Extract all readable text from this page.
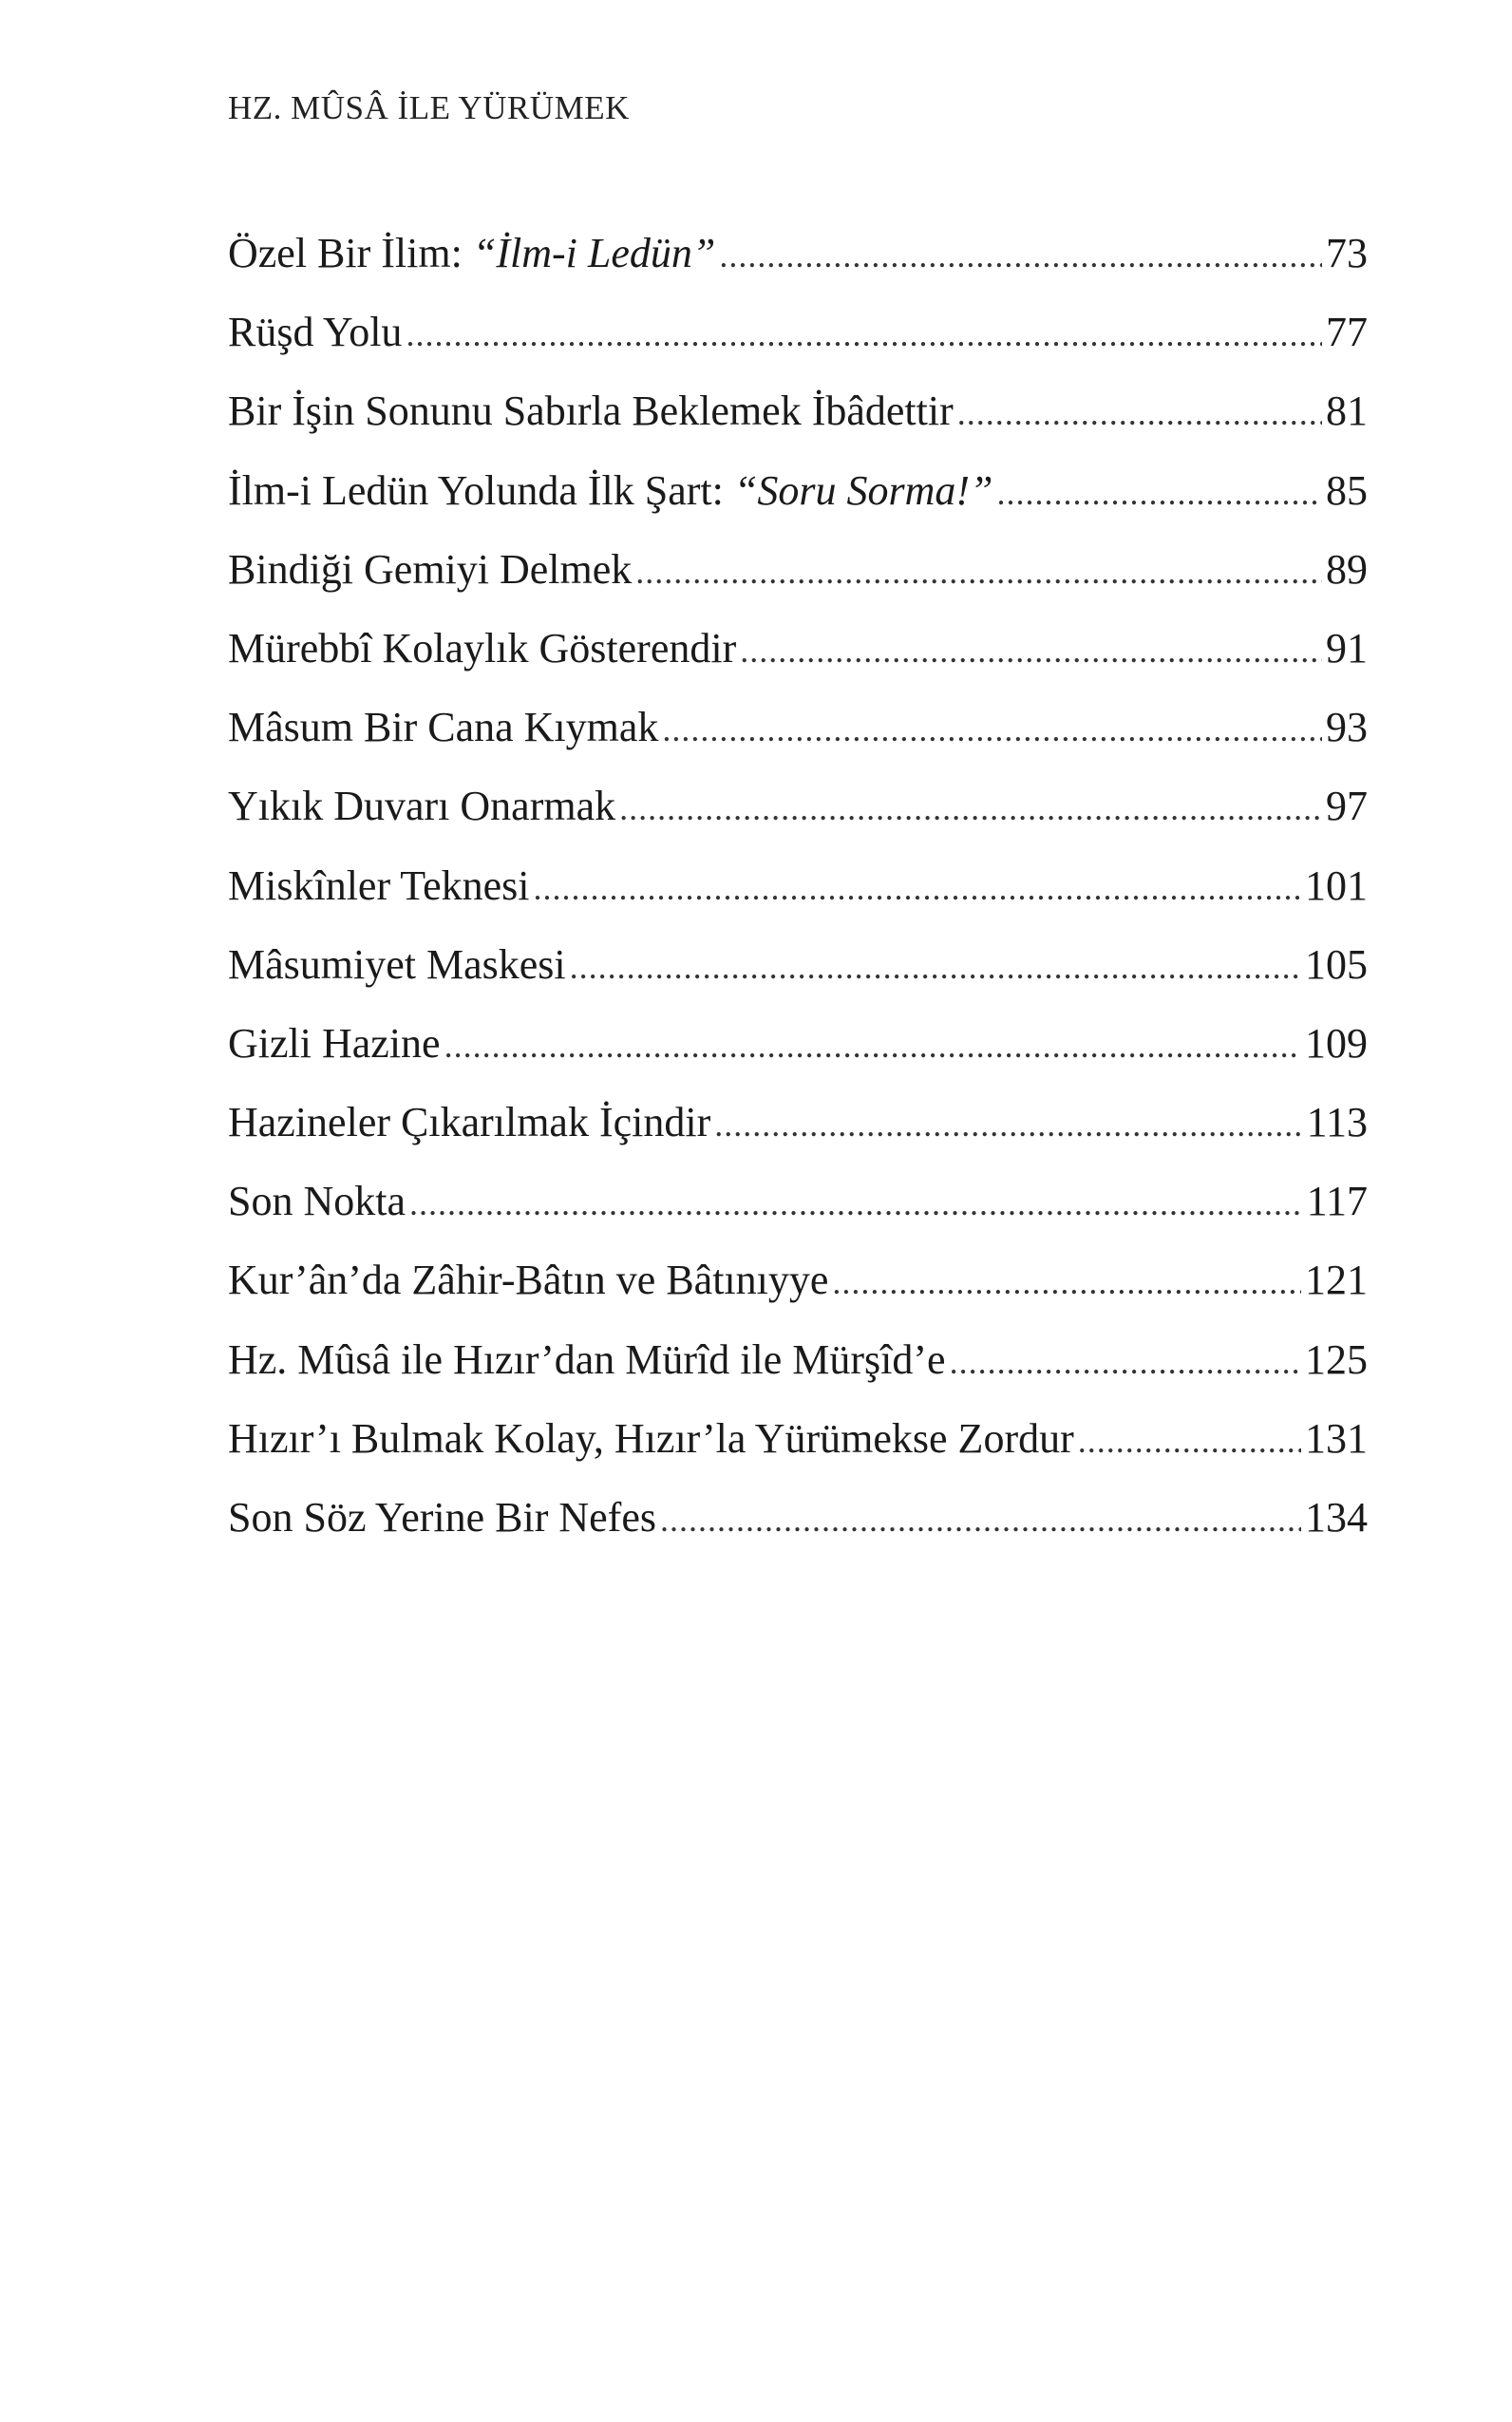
HZ. MÛSÂ İLE YÜRÜMEK
Özel Bir İlim: “İlm-i Ledün” .....	73
Rüşd Yolu .....	77
Bir İşin Sonunu Sabırla Beklemek İbâdettir .....	81
İlm-i Ledün Yolunda İlk Şart: “Soru Sorma!” .....	85
Bindiği Gemiyi Delmek .....	89
Mürebbî Kolaylık Gösterendir .....	91
Mâsum Bir Cana Kıymak .....	93
Yıkık Duvarı Onarmak .....	97
Miskînler Teknesi .....	101
Mâsumiyet Maskesi .....	105
Gizli Hazine .....	109
Hazineler Çıkarılmak İçindir .....	113
Son Nokta .....	117
Kur’ân’da Zâhir-Bâtın ve Bâtınıyye .....	121
Hz. Mûsâ ile Hızır’dan Mürîd ile Mürşîd’e .....	125
Hızır’ı Bulmak Kolay, Hızır’la Yürümekse Zordur .....	131
Son Söz Yerine Bir Nefes .....	134
